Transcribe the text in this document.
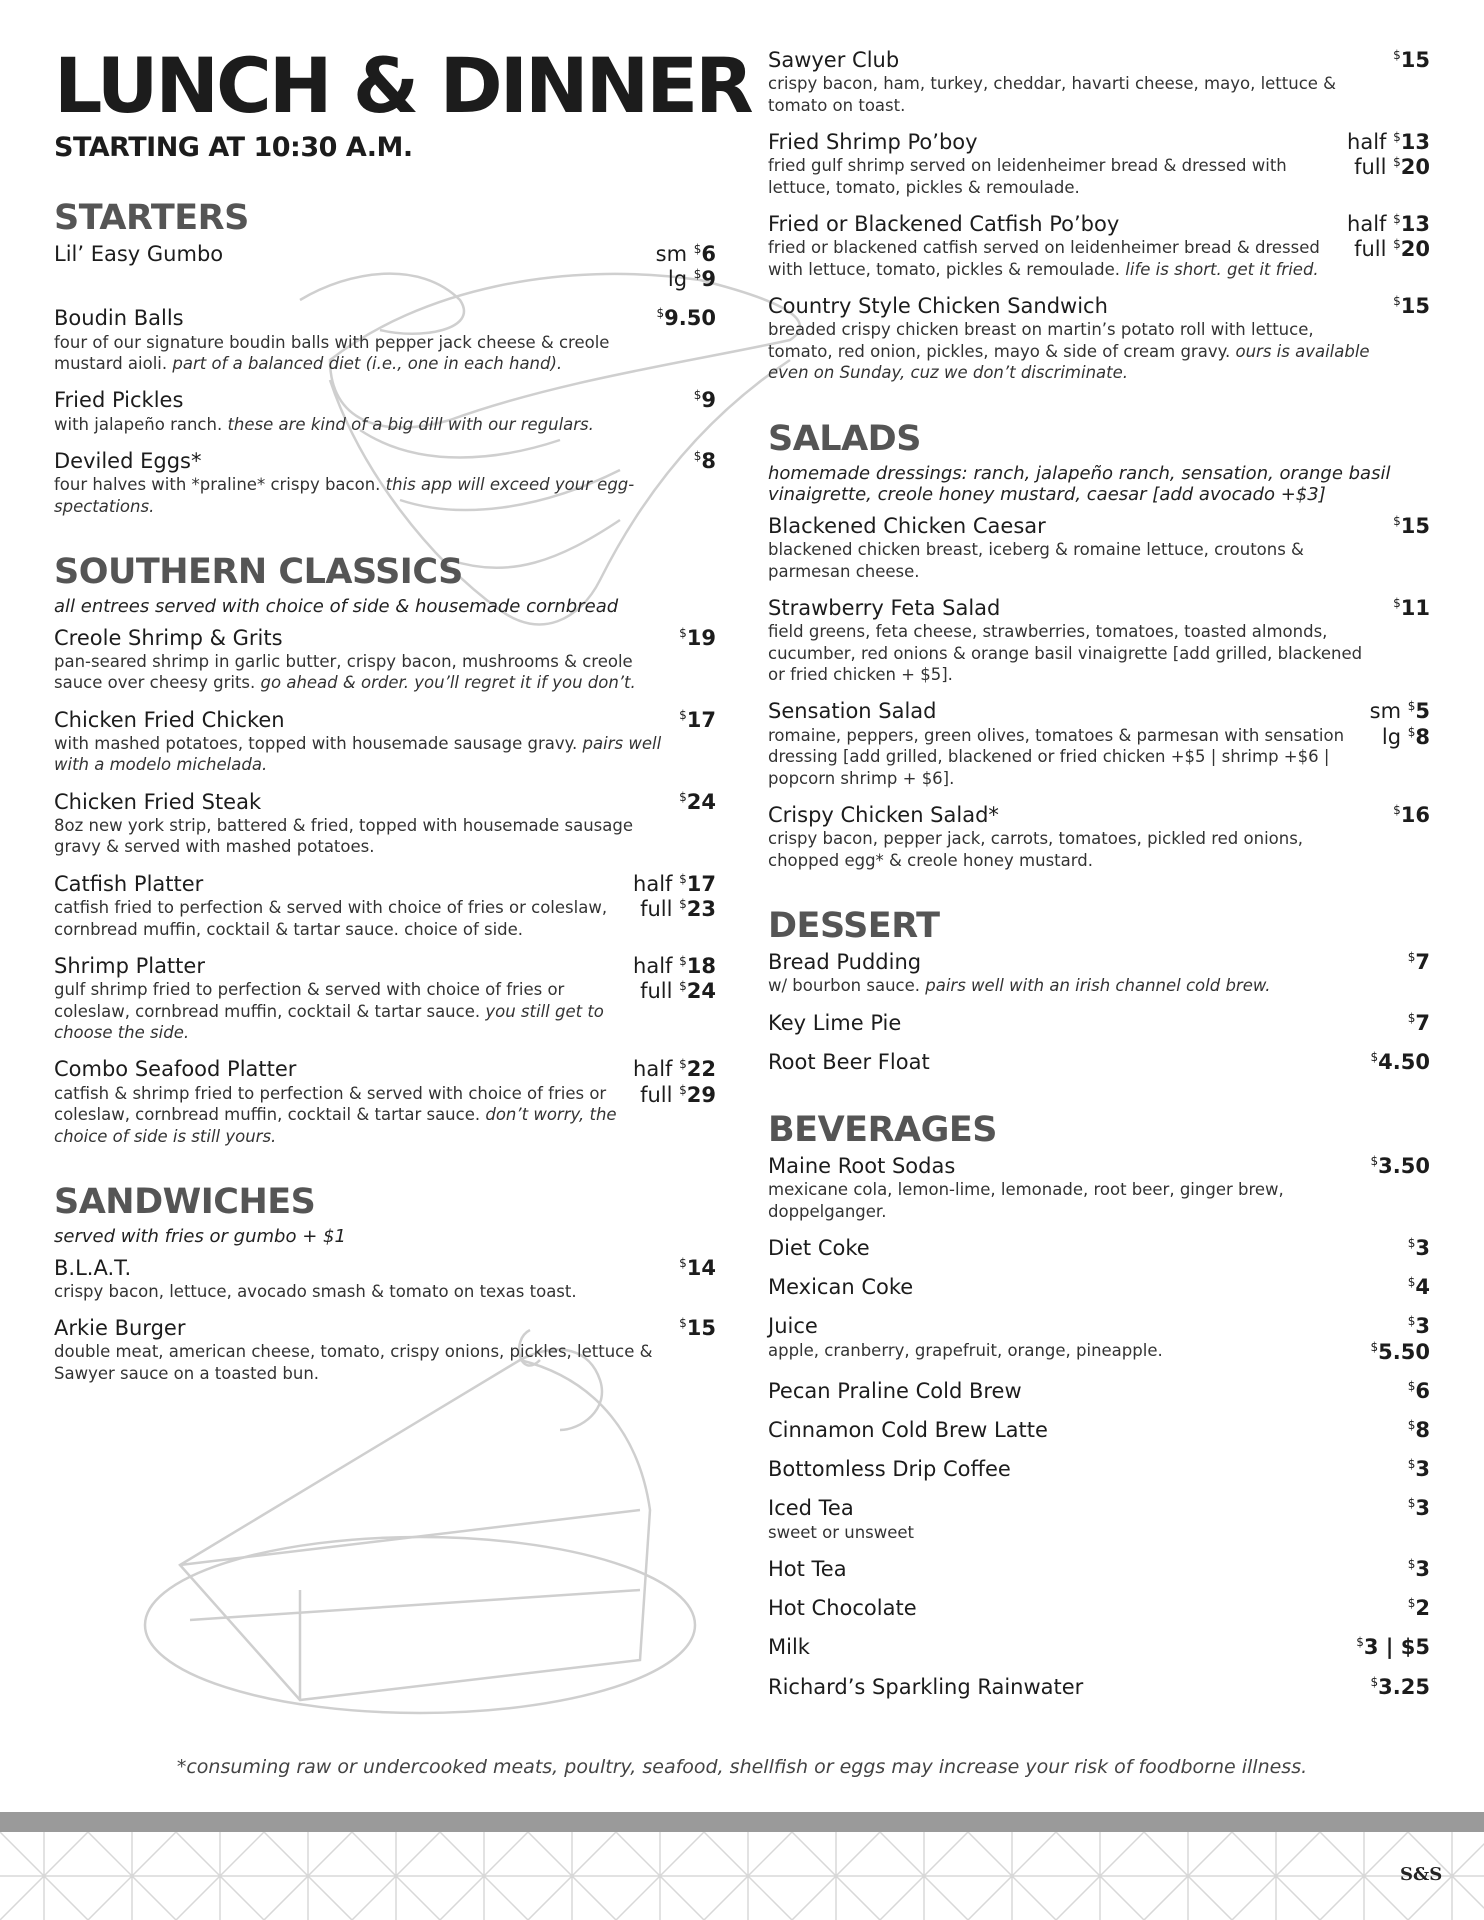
LUNCH & DINNER
STARTING AT 10:30 A.M.
STARTERS
Lil’ Easy Gumbo	sm $6
lg $9
Boudin Balls
four of our signature boudin balls with pepper jack cheese & creole mustard aioli. part of a balanced diet (i.e., one in each hand).
$9.50
Fried Pickles
with jalapeño ranch. these are kind of a big dill with our regulars.
$9
Deviled Eggs*
four halves with *praline* crispy bacon. this app will exceed your egg-spectations.
$8
SOUTHERN CLASSICS
all entrees served with choice of side & housemade cornbread
Creole Shrimp & Grits
pan-seared shrimp in garlic butter, crispy bacon, mushrooms & creole sauce over cheesy grits. go ahead & order. you’ll regret it if you don’t.
$19
Chicken Fried Chicken
with mashed potatoes, topped with housemade sausage gravy. pairs well with a modelo michelada.
$17
Chicken Fried Steak
8oz new york strip, battered & fried, topped with housemade sausage gravy & served with mashed potatoes.
$24
Catfish Platter
catfish fried to perfection & served with choice of fries or coleslaw, cornbread muffin, cocktail & tartar sauce. choice of side.
half $17
full $23
Shrimp Platter
gulf shrimp fried to perfection & served with choice of fries or coleslaw, cornbread muffin, cocktail & tartar sauce. you still get to choose the side.
half $18
full $24
Combo Seafood Platter
catfish & shrimp fried to perfection & served with choice of fries or coleslaw, cornbread muffin, cocktail & tartar sauce. don’t worry, the choice of side is still yours.
half $22
full $29
SANDWICHES
served with fries or gumbo + $1
B.L.A.T.
crispy bacon, lettuce, avocado smash & tomato on texas toast.
$14
Arkie Burger
double meat, american cheese, tomato, crispy onions, pickles, lettuce & Sawyer sauce on a toasted bun.
$15
Sawyer Club
crispy bacon, ham, turkey, cheddar, havarti cheese, mayo, lettuce & tomato on toast.
$15
Fried Shrimp Po’boy
fried gulf shrimp served on leidenheimer bread & dressed with lettuce, tomato, pickles & remoulade.
half $13
full $20
Fried or Blackened Catfish Po’boy
fried or blackened catfish served on leidenheimer bread & dressed with lettuce, tomato, pickles & remoulade. life is short. get it fried.
half $13
full $20
Country Style Chicken Sandwich
breaded crispy chicken breast on martin’s potato roll with lettuce, tomato, red onion, pickles, mayo & side of cream gravy. ours is available even on Sunday, cuz we don’t discriminate.
$15
SALADS
homemade dressings: ranch, jalapeño ranch, sensation, orange basil vinaigrette, creole honey mustard, caesar [add avocado +$3]
Blackened Chicken Caesar
blackened chicken breast, iceberg & romaine lettuce, croutons & parmesan cheese.
$15
Strawberry Feta Salad
field greens, feta cheese, strawberries, tomatoes, toasted almonds, cucumber, red onions & orange basil vinaigrette [add grilled, blackened or fried chicken + $5].
$11
Sensation Salad
romaine, peppers, green olives, tomatoes & parmesan with sensation dressing [add grilled, blackened or fried chicken +$5 | shrimp +$6 | popcorn shrimp + $6].
sm $5
lg $8
Crispy Chicken Salad*
crispy bacon, pepper jack, carrots, tomatoes, pickled red onions, chopped egg* & creole honey mustard.
$16
DESSERT
Bread Pudding
w/ bourbon sauce. pairs well with an irish channel cold brew.
$7
Key Lime Pie	$7
Root Beer Float	$4.50
BEVERAGES
Maine Root Sodas
mexicane cola, lemon-lime, lemonade, root beer, ginger brew, doppelganger.
$3.50
Diet Coke	$3
Mexican Coke	$4
Juice
apple, cranberry, grapefruit, orange, pineapple.
$3
$5.50
Pecan Praline Cold Brew	$6
Cinnamon Cold Brew Latte	$8
Bottomless Drip Coffee	$3
Iced Tea
sweet or unsweet
$3
Hot Tea	$3
Hot Chocolate	$2
Milk	$3 | $5
Richard’s Sparkling Rainwater	$3.25
*consuming raw or undercooked meats, poultry, seafood, shellfish or eggs may increase your risk of foodborne illness.
S&S
